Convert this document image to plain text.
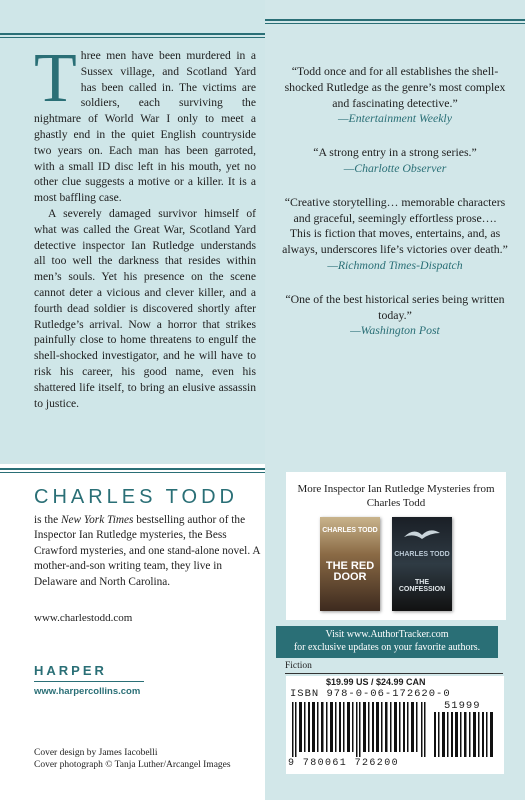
Three men have been murdered in a Sussex village, and Scotland Yard has been called in. The victims are soldiers, each surviving the nightmare of World War I only to meet a ghastly end in the quiet English countryside two years on. Each man has been garroted, with a small ID disc left in his mouth, yet no other clue suggests a motive or a killer. It is a most baffling case.

A severely damaged survivor himself of what was called the Great War, Scotland Yard detective inspector Ian Rutledge understands all too well the darkness that resides within men’s souls. Yet his presence on the scene cannot deter a vicious and clever killer, and a fourth dead soldier is discovered shortly after Rutledge’s arrival. Now a horror that strikes painfully close to home threatens to engulf the shell-shocked investigator, and he will have to risk his career, his good name, even his shattered life itself, to bring an elusive assassin to justice.

“Todd once and for all establishes the shell-shocked Rutledge as the genre’s most complex and fascinating detective.”
—Entertainment Weekly
“A strong entry in a strong series.”
—Charlotte Observer
“Creative storytelling… memorable characters and graceful, seemingly effortless prose…. This is fiction that moves, entertains, and, as always, underscores life’s victories over death.”
—Richmond Times-Dispatch
“One of the best historical series being written today.”
—Washington Post
CHARLES TODD
is the New York Times bestselling author of the Inspector Ian Rutledge mysteries, the Bess Crawford mysteries, and one stand-alone novel. A mother-and-son writing team, they live in Delaware and North Carolina.
www.charlestodd.com
HARPER
www.harpercollins.com
Cover design by James Iacobelli
Cover photograph © Tanja Luther/Arcangel Images
More Inspector Ian Rutledge Mysteries from Charles Todd
CHARLES TODD
THE RED DOOR
CHARLES TODD
THE CONFESSION
Visit www.AuthorTracker.com
for exclusive updates on your favorite authors.
Fiction
$19.99 US / $24.99 CAN
ISBN 978-0-06-172620-0
51999
9 780061 726200
